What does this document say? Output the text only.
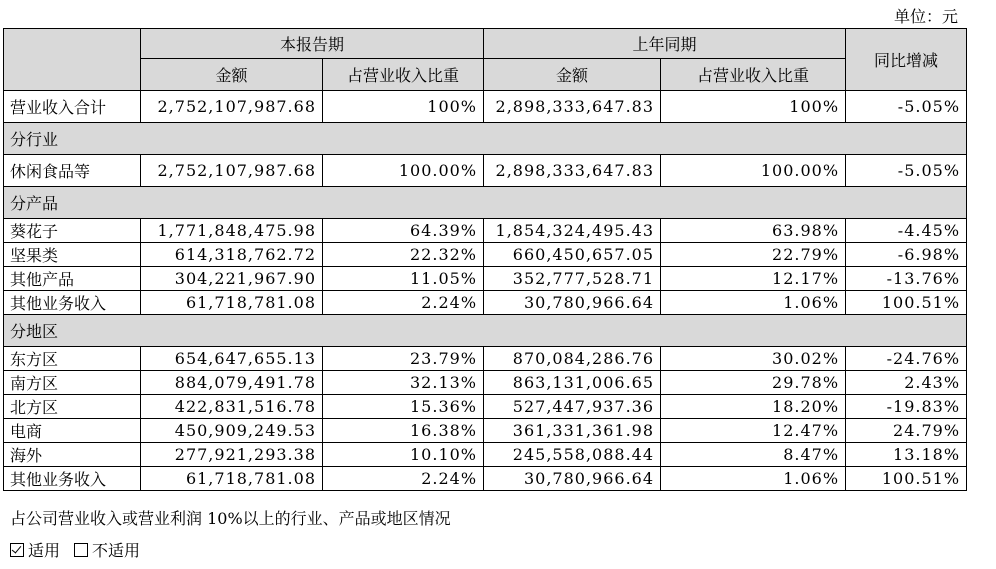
单位：元
	本报告期		上年同期		同比增减
	金额	占营业收入比重	金额	占营业收入比重	
营业收入合计	2,752,107,987.68	100%	2,898,333,647.83	100%	-5.05%
分行业					
休闲食品等	2,752,107,987.68	100.00%	2,898,333,647.83	100.00%	-5.05%
分产品					
葵花子	1,771,848,475.98	64.39%	1,854,324,495.43	63.98%	-4.45%
坚果类	614,318,762.72	22.32%	660,450,657.05	22.79%	-6.98%
其他产品	304,221,967.90	11.05%	352,777,528.71	12.17%	-13.76%
其他业务收入	61,718,781.08	2.24%	30,780,966.64	1.06%	100.51%
分地区					
东方区	654,647,655.13	23.79%	870,084,286.76	30.02%	-24.76%
南方区	884,079,491.78	32.13%	863,131,006.65	29.78%	2.43%
北方区	422,831,516.78	15.36%	527,447,937.36	18.20%	-19.83%
电商	450,909,249.53	16.38%	361,331,361.98	12.47%	24.79%
海外	277,921,293.38	10.10%	245,558,088.44	8.47%	13.18%
其他业务收入	61,718,781.08	2.24%	30,780,966.64	1.06%	100.51%
占公司营业收入或营业利润 10%以上的行业、产品或地区情况
适用 不适用
